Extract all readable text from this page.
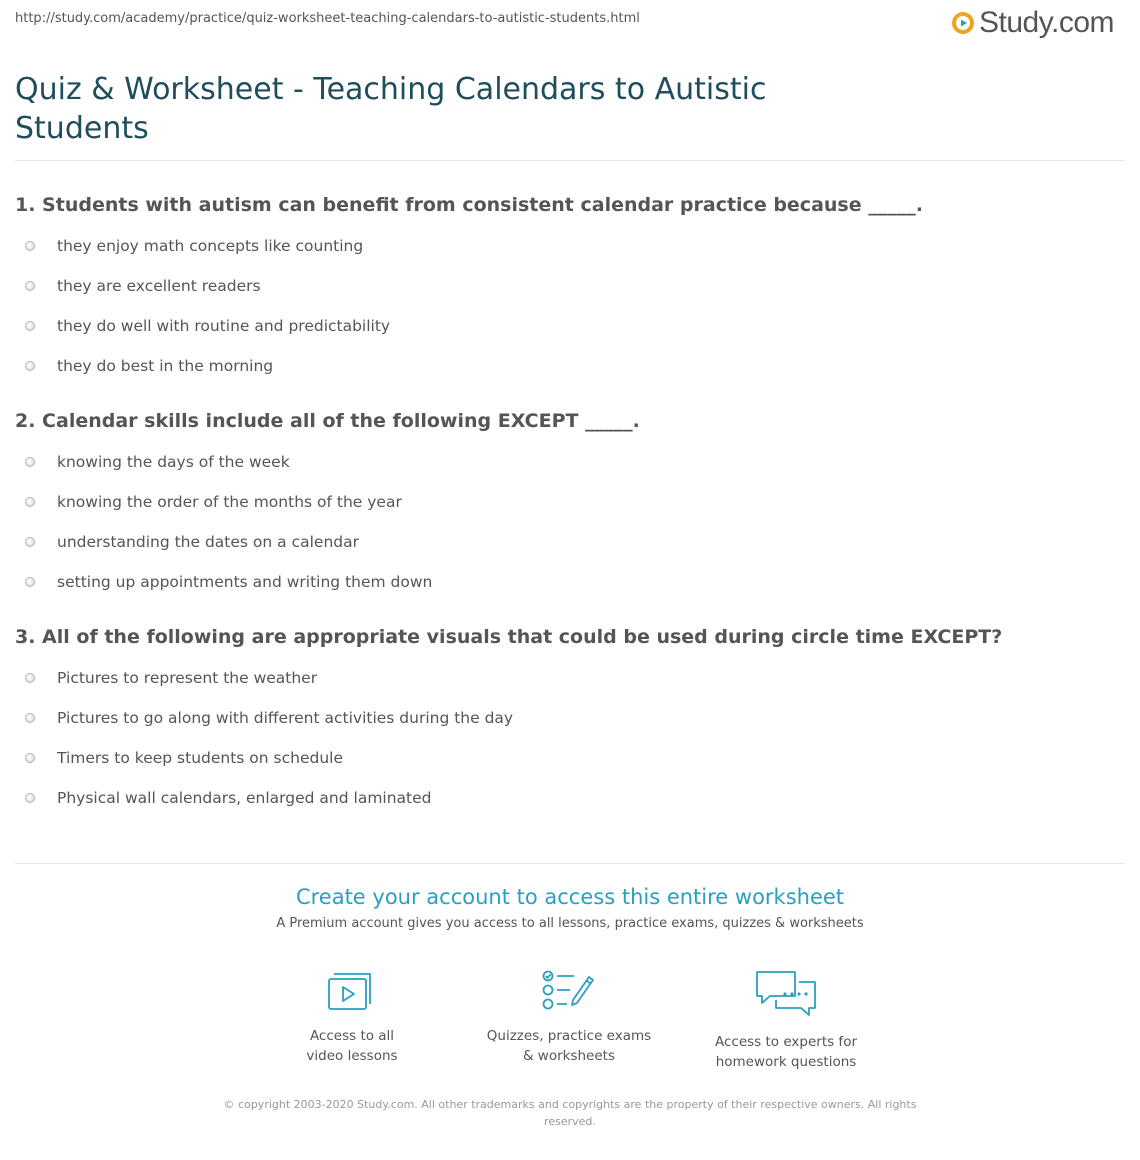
http://study.com/academy/practice/quiz-worksheet-teaching-calendars-to-autistic-students.html	Study.com
Quiz & Worksheet - Teaching Calendars to Autistic Students
1. Students with autism can benefit from consistent calendar practice because _____.
they enjoy math concepts like counting
they are excellent readers
they do well with routine and predictability
they do best in the morning
2. Calendar skills include all of the following EXCEPT _____.
knowing the days of the week
knowing the order of the months of the year
understanding the dates on a calendar
setting up appointments and writing them down
3. All of the following are appropriate visuals that could be used during circle time EXCEPT?
Pictures to represent the weather
Pictures to go along with different activities during the day
Timers to keep students on schedule
Physical wall calendars, enlarged and laminated
Create your account to access this entire worksheet
A Premium account gives you access to all lessons, practice exams, quizzes & worksheets
Access to all
video lessons
Quizzes, practice exams
& worksheets
Access to experts for
homework questions
© copyright 2003-2020 Study.com. All other trademarks and copyrights are the property of their respective owners. All rights reserved.
